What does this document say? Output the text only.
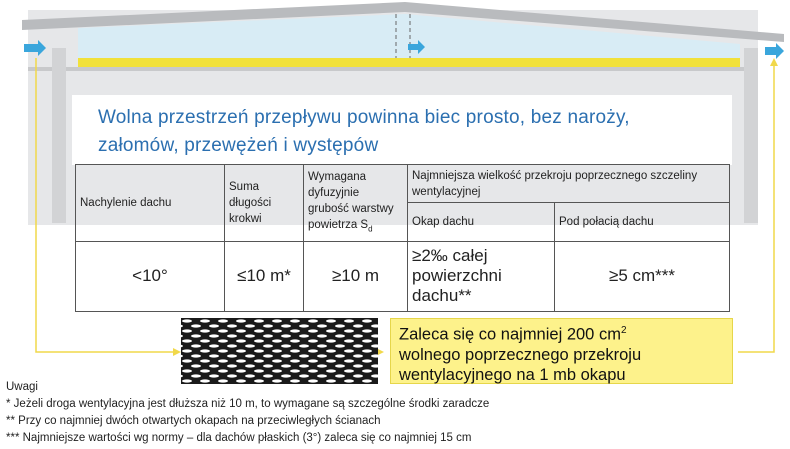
Wolna przestrzeń przepływu powinna biec prosto, bez naroży,
załomów, przewężeń i występów
Nachylenie dachu	Suma długości krokwi	Wymagana dyfuzyjnie grubość warstwy powietrza $S_d$	Najmniejsza wielkość przekroju poprzecznego szczeliny wentylacyjnej	
			Okap dachu	Pod połacią dachu
<10°	≤10 m*	≥10 m	≥2‰ całej powierzchni dachu**	≥5 cm***
Zaleca się co najmniej 200 $cm^2$
wolnego poprzecznego przekroju
wentylacyjnego na 1 mb okapu
Uwagi
* Jeżeli droga wentylacyjna jest dłuższa niż 10 m, to wymagane są szczególne środki zaradcze
** Przy co najmniej dwóch otwartych okapach na przeciwległych ścianach
*** Najmniejsze wartości wg normy – dla dachów płaskich (3°) zaleca się co najmniej 15 cm
